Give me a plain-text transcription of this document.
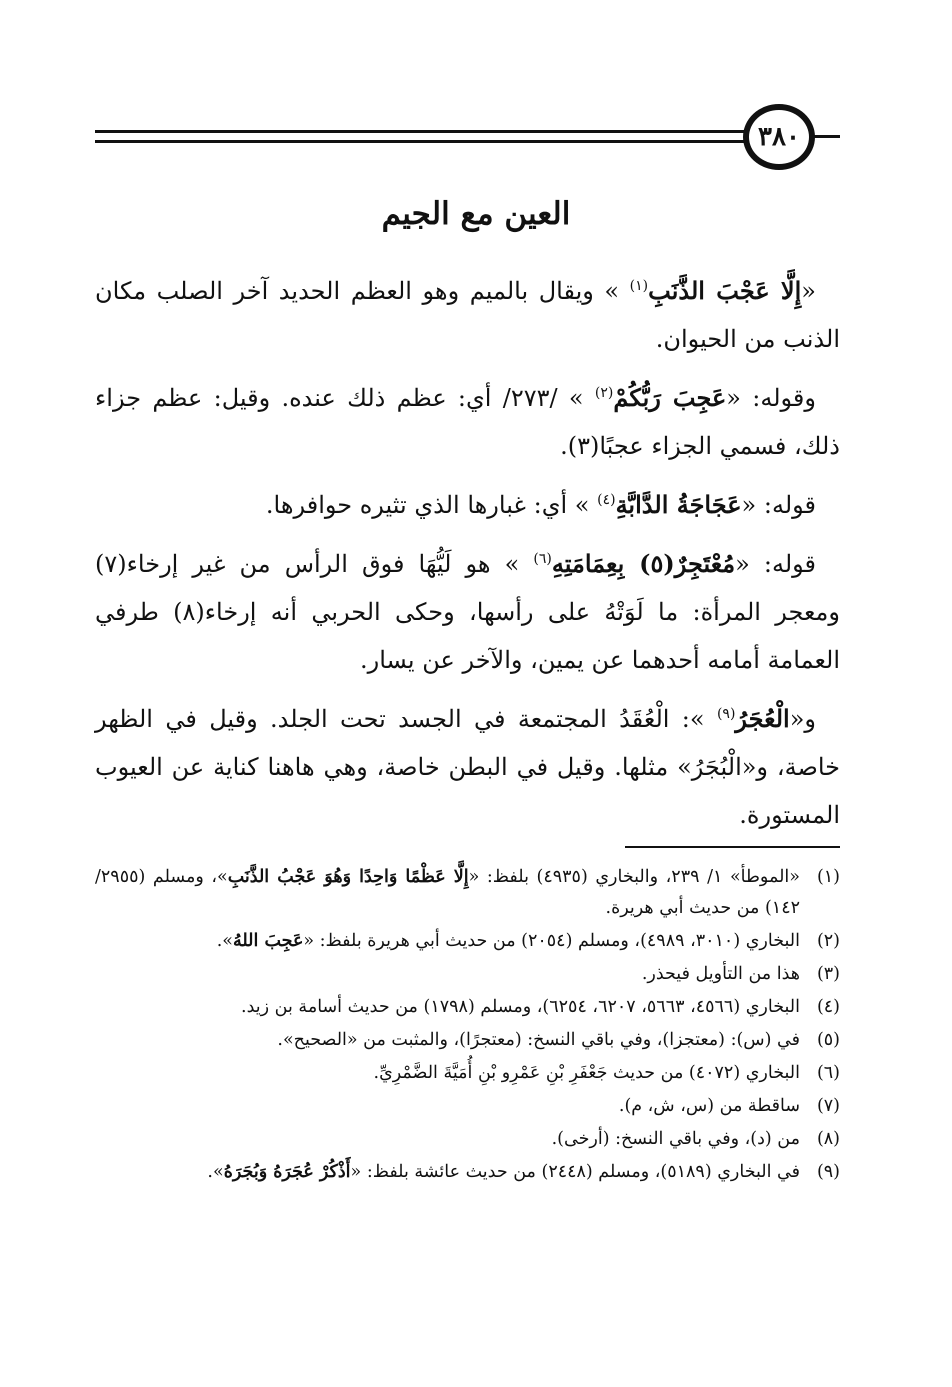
٣٨٠
العين مع الجيم

«إِلَّا عَجْبَ الذَّنَبِ$^{(١)}$ » ويقال بالميم وهو العظم الحديد آخر الصلب مكان الذنب من الحيوان.

وقوله: «عَجِبَ رَبُّكُمْ$^{(٢)}$ » /٢٧٣/ أي: عظم ذلك عنده. وقيل: عظم جزاء ذلك، فسمي الجزاء عجبًا(٣).

قوله: «عَجَاجَةُ الدَّابَّةِ$^{(٤)}$ » أي: غبارها الذي تثيره حوافرها.

قوله: «مُعْتَجِرٌ(٥) بِعِمَامَتِهِ$^{(٦)}$ » هو لَيُّهَا فوق الرأس من غير إرخاء(٧) ومعجر المرأة: ما لَوَتْهُ على رأسها، وحكى الحربي أنه إرخاء(٨) طرفي العمامة أمامه أحدهما عن يمين، والآخر عن يسار.

و«الْعُجَرُ$^{(٩)}$ »: الْعُقَدُ المجتمعة في الجسد تحت الجلد. وقيل في الظهر خاصة، و«الْبُجَرُ» مثلها. وقيل في البطن خاصة، وهي هاهنا كناية عن العيوب المستورة.

(١)
«الموطأ» ١/ ٢٣٩، والبخاري (٤٩٣٥) بلفظ: «إِلَّا عَظْمًا وَاحِدًا وَهُوَ عَجْبُ الذَّنَبِ»، ومسلم (٢٩٥٥/ ١٤٢) من حديث أبي هريرة.
(٢)
البخاري (٣٠١٠، ٤٩٨٩)، ومسلم (٢٠٥٤) من حديث أبي هريرة بلفظ: «عَجِبَ اللهُ».
(٣)
هذا من التأويل فيحذر.
(٤)
البخاري (٤٥٦٦، ٥٦٦٣، ٦٢٠٧، ٦٢٥٤)، ومسلم (١٧٩٨) من حديث أسامة بن زيد.
(٥)
في (س): (معتجزا)، وفي باقي النسخ: (معتجرًا)، والمثبت من «الصحيح».
(٦)
البخاري (٤٠٧٢) من حديث جَعْفَرِ بْنِ عَمْرِو بْنِ أُمَيَّةَ الضَّمْرِيِّ.
(٧)
ساقطة من (س، ش، م).
(٨)
من (د)، وفي باقي النسخ: (أرخى).
(٩)
في البخاري (٥١٨٩)، ومسلم (٢٤٤٨) من حديث عائشة بلفظ: «أَذْكُرْ عُجَرَهُ وَبُجَرَهُ».
